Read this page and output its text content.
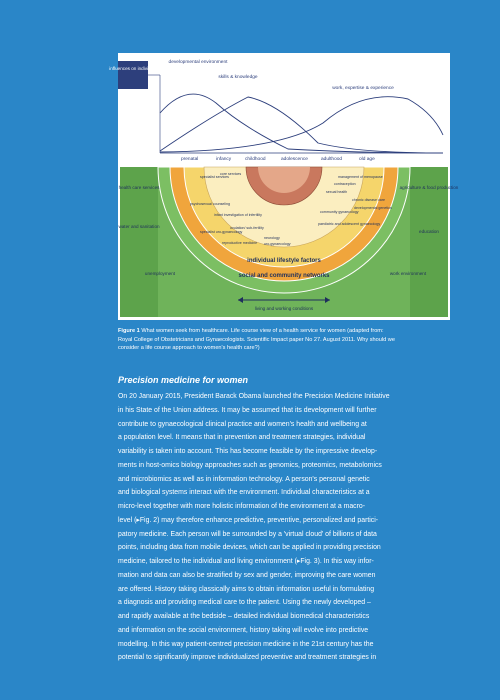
influences on individual
developmental environment
skills & knowledge
work, expertise & experience
prenatal	infancy	childhood	adolescence	adulthood	old age
health care services
water and sanitation
unemployment
agriculture & food production
education
work environment
individual lifestyle factors
social and community networks
living and working conditions
specialist services
core services
psychosexual counseling
infant investigation of infertility
ovulation/ sub-fertility
specialist uro-gynaecology
reproductive medicine
management of menopause
sexual health
contraception
community gynaecology
paediatric and adolescent gynaecology
neurology
uro-gynaecology
chronic disease care
developmental genetics
Figure 1 What women seek from healthcare. Life course view of a health service for women (adapted from:
Royal College of Obstetricians and Gynaecologists. Scientific Impact paper No 27. August 2011. Why should we
consider a life course approach to women's health care?)
Precision medicine for women
On 20 January 2015, President Barack Obama launched the Precision Medicine Initiative
in his State of the Union address. It may be assumed that its development will further
contribute to gynaecological clinical practice and women's health and wellbeing at
a population level. It means that in prevention and treatment strategies, individual
variability is taken into account. This has become feasible by the impressive develop-
ments in host-omics biology approaches such as genomics, proteomics, metabolomics
and microbiomics as well as in information technology. A person's personal genetic
and biological systems interact with the environment. Individual characteristics at a
micro-level together with more holistic information of the environment at a macro-
level (▸Fig. 2) may therefore enhance predictive, preventive, personalized and partici-
patory medicine. Each person will be surrounded by a 'virtual cloud' of billions of data
points, including data from mobile devices, which can be applied in providing precision
medicine, tailored to the individual and living environment (▸Fig. 3). In this way infor-
mation and data can also be stratified by sex and gender, improving the care women
are offered. History taking classically aims to obtain information useful in formulating
a diagnosis and providing medical care to the patient. Using the newly developed –
and rapidly available at the bedside – detailed individual biomedical characteristics
and information on the social environment, history taking will evolve into predictive
modelling. In this way patient-centred precision medicine in the 21st century has the
potential to significantly improve individualized preventive and treatment strategies in
